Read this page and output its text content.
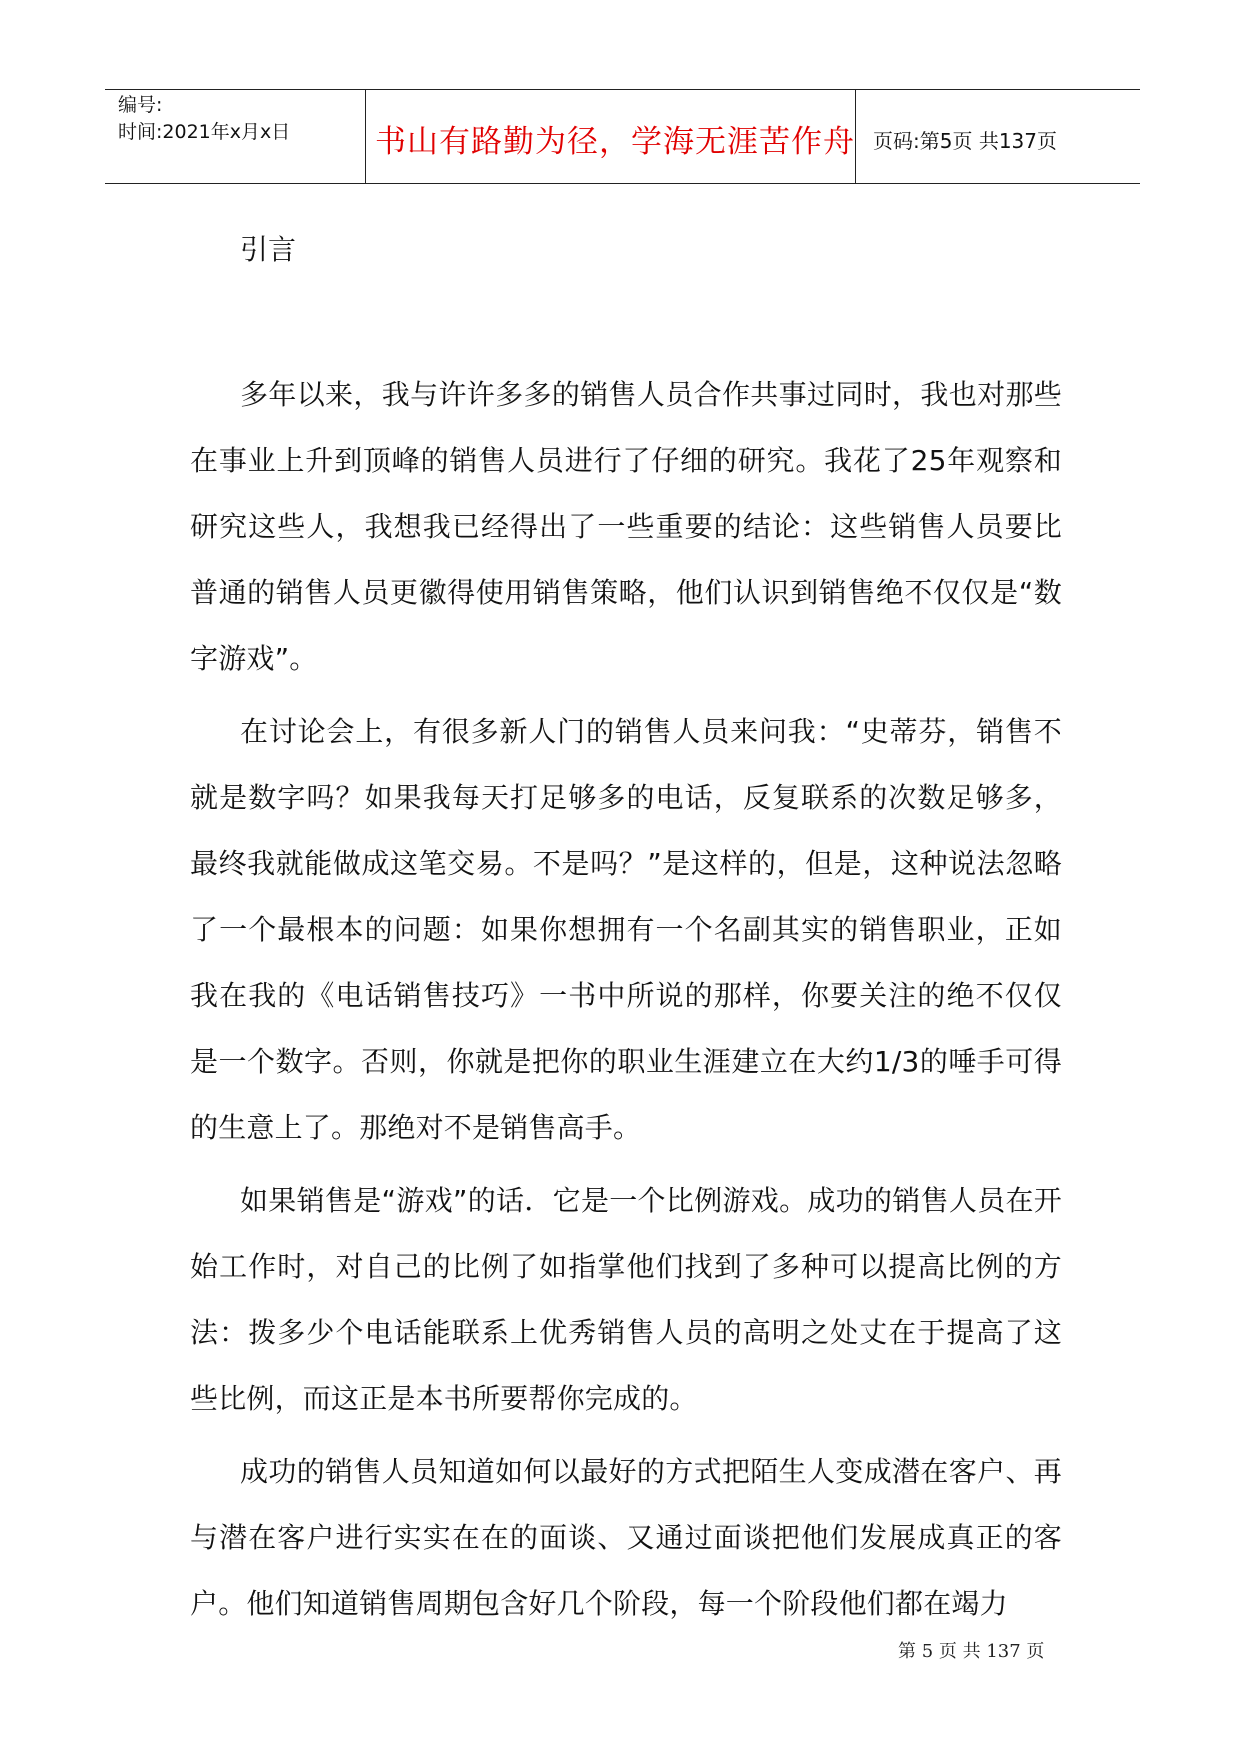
编号:
时间:2021年x月x日	书山有路勤为径，学海无涯苦作舟 页码:第5页 共137页
引言

多年以来，我与许许多多的销售人员合作共事过同时，我也对那些在事业上升到顶峰的销售人员进行了仔细的研究。我花了25年观察和研究这些人，我想我已经得出了一些重要的结论：这些销售人员要比普通的销售人员更徽得使用销售策略，他们认识到销售绝不仅仅是“数字游戏”。

在讨论会上，有很多新人门的销售人员来问我：“史蒂芬，销售不就是数字吗？如果我每天打足够多的电话，反复联系的次数足够多，最终我就能做成这笔交易。不是吗？”是这样的，但是，这种说法忽略了一个最根本的问题：如果你想拥有一个名副其实的销售职业，正如我在我的《电话销售技巧》一书中所说的那样，你要关注的绝不仅仅是一个数字。否则，你就是把你的职业生涯建立在大约1/3的唾手可得的生意上了。那绝对不是销售高手。

如果销售是“游戏”的话．它是一个比例游戏。成功的销售人员在开始工作时，对自己的比例了如指掌他们找到了多种可以提高比例的方法：拨多少个电话能联系上优秀销售人员的高明之处丈在于提高了这些比例，而这正是本书所要帮你完成的。

成功的销售人员知道如何以最好的方式把陌生人变成潜在客户、再与潜在客户进行实实在在的面谈、又通过面谈把他们发展成真正的客户。他们知道销售周期包含好几个阶段，每一个阶段他们都在竭力

第 5 页 共 137 页
